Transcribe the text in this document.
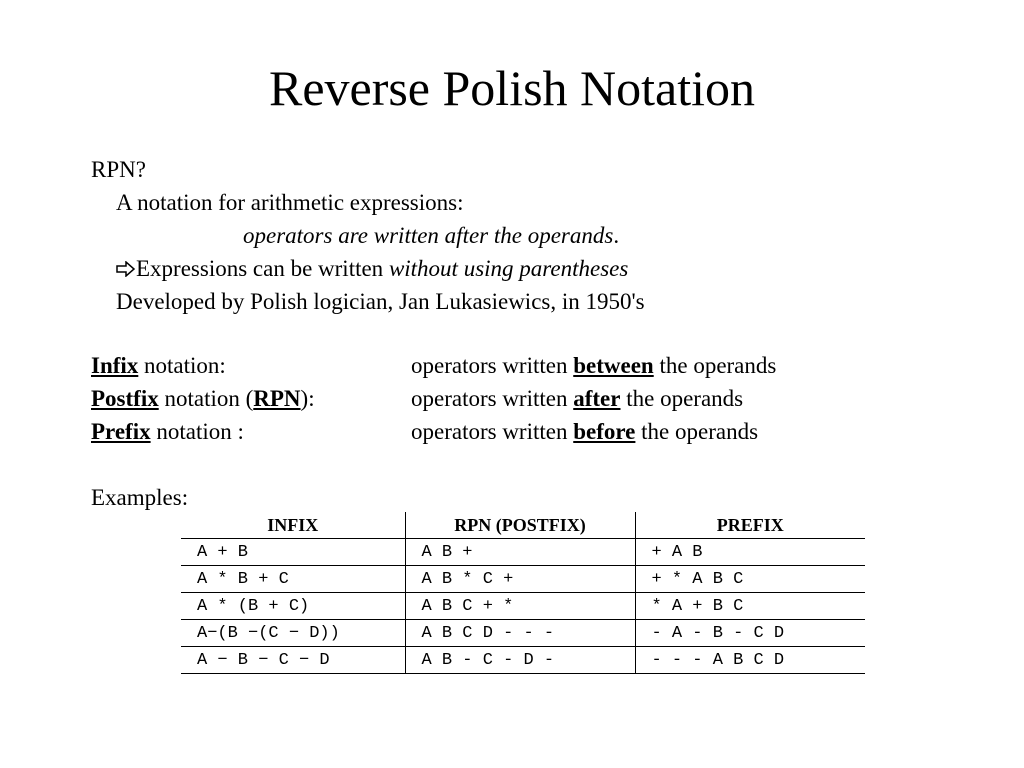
Reverse Polish Notation
RPN?
A notation for arithmetic expressions:
operators are written after the operands.
Expressions can be written without using parentheses
Developed by Polish logician, Jan Lukasiewics, in 1950's
Infix notation:	operators written between the operands
Postfix notation (RPN):	operators written after the operands
Prefix notation :	operators written before the operands
Examples:
INFIX	RPN (POSTFIX)	PREFIX
A + B	A B +	+ A B
A * B + C	A B * C +	+ * A B C
A * (B + C)	A B C + *	* A + B C
A−(B −(C − D))	A B C D - - -	- A - B - C D
A − B − C − D	A B - C - D -	- - - A B C D
